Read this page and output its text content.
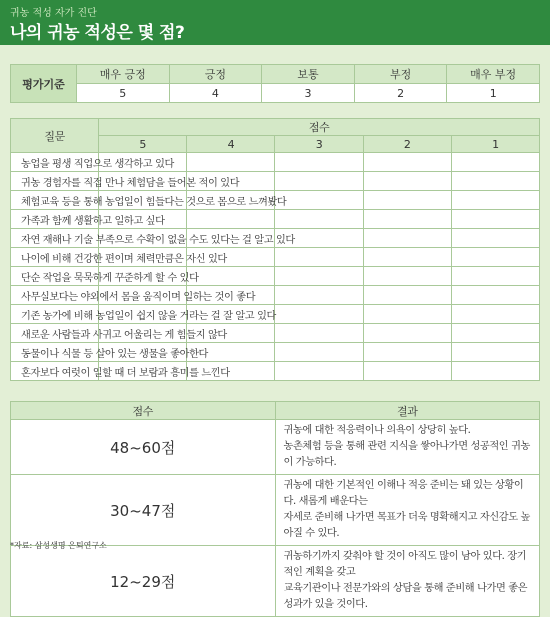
귀농 적성 자가 진단
나의 귀농 적성은 몇 점?
평가기준	매우 긍정	긍정	보통	부정	매우 부정
	5	4	3	2	1
질문	점수				
	5	4	3	2	1
농업을 평생 직업으로 생각하고 있다					
귀농 경험자를 직접 만나 체험담을 들어본 적이 있다					
체험교육 등을 통해 농업일이 힘들다는 것으로 몸으로 느껴봤다					
가족과 함께 생활하고 일하고 싶다					
자연 재해나 기술 부족으로 수확이 없을 수도 있다는 걸 알고 있다					
나이에 비해 건강한 편이며 체력만큼은 자신 있다					
단순 작업을 묵묵하게 꾸준하게 할 수 있다					
사무실보다는 야외에서 몸을 움직이며 일하는 것이 좋다					
기존 농가에 비해 농업일이 쉽지 않을 거라는 걸 잘 알고 있다					
새로운 사람들과 사귀고 어울리는 게 힘들지 않다					
동물이나 식물 등 살아 있는 생물을 좋아한다					
혼자보다 여럿이 일할 때 더 보람과 흥미를 느낀다					
점수	결과
48~60점	귀농에 대한 적응력이나 의욕이 상당히 높다.
농촌체험 등을 통해 관련 지식을 쌓아나가면 성공적인 귀농이 가능하다.

30~47점	귀농에 대한 기본적인 이해나 적응 준비는 돼 있는 상황이다. 새롭게 배운다는
자세로 준비해 나가면 목표가 더욱 명확해지고 자신감도 높아질 수 있다.

12~29점	귀농하기까지 갖춰야 할 것이 아직도 많이 남아 있다. 장기적인 계획을 갖고
교육기관이나 전문가와의 상담을 통해 준비해 나가면 좋은 성과가 있을 것이다.
*자료: 삼성생명 은퇴연구소
